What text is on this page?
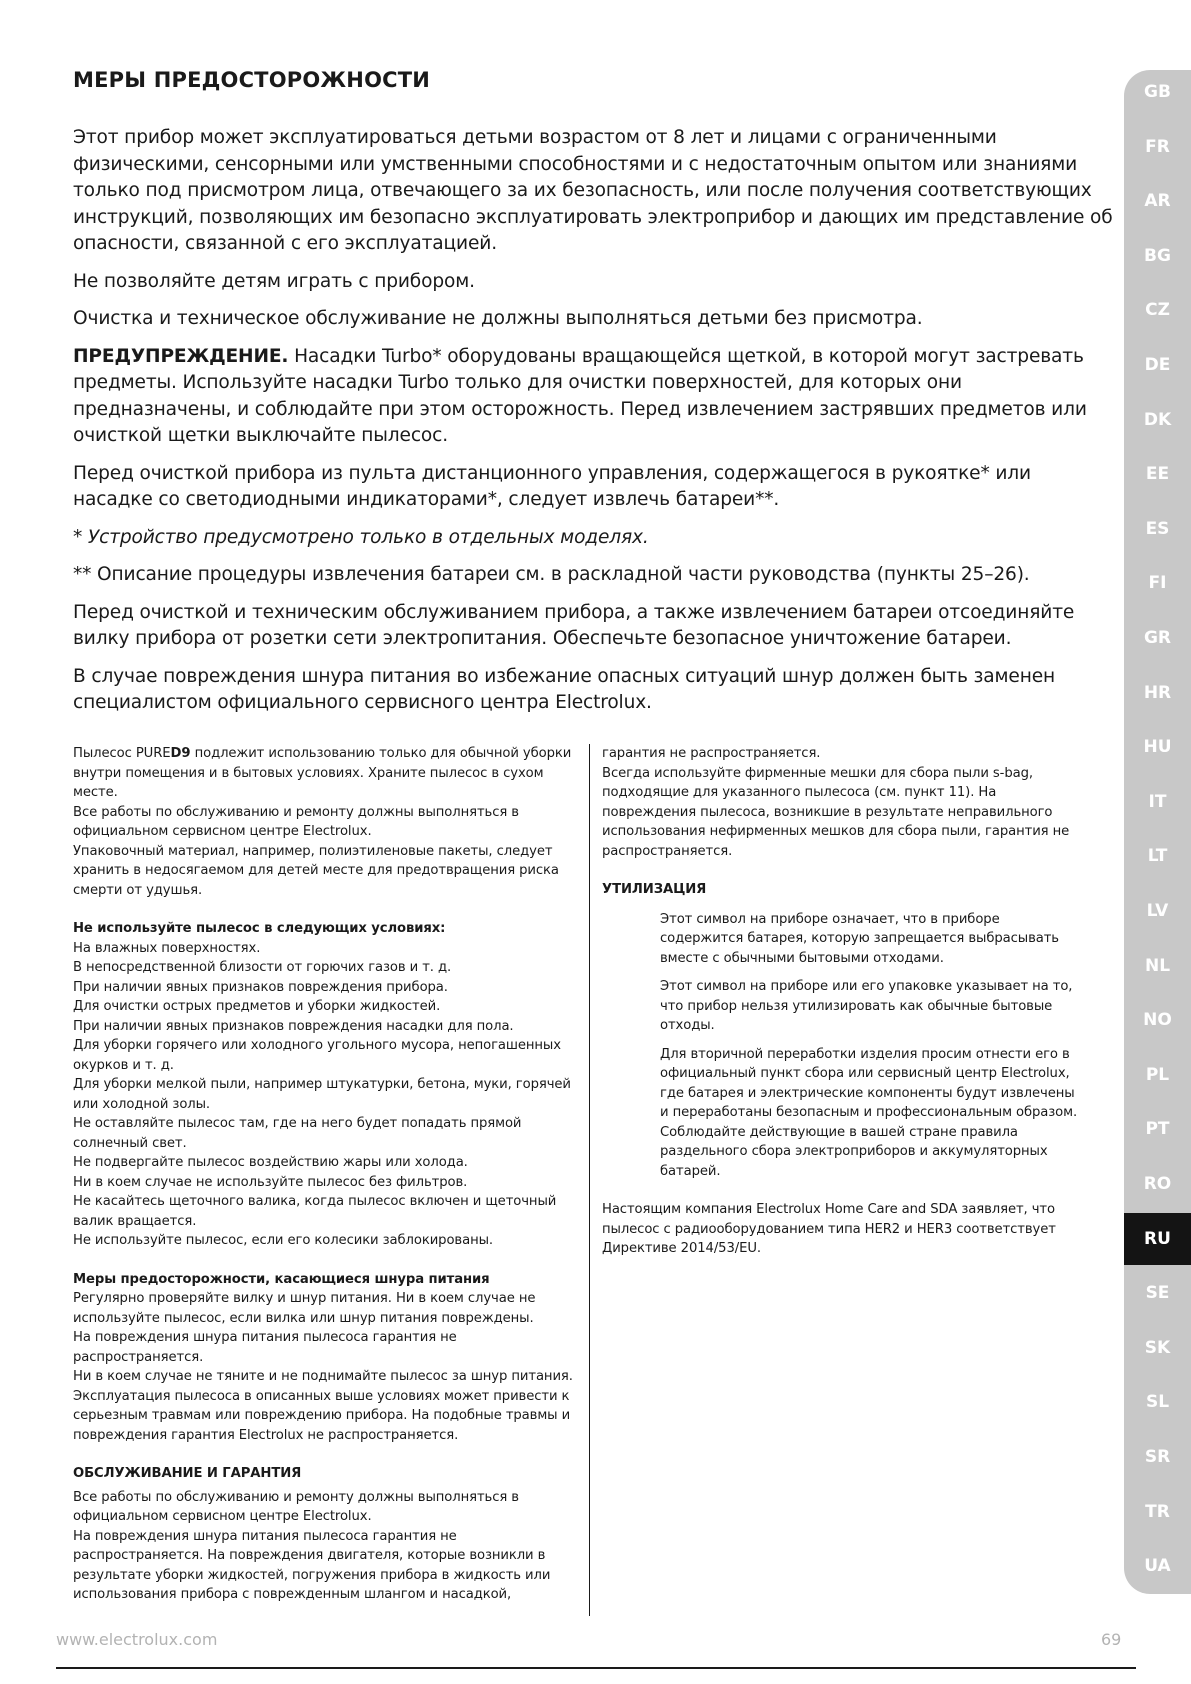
МЕРЫ ПРЕДОСТОРОЖНОСТИ

Этот прибор может эксплуатироваться детьми возрастом от 8 лет и лицами с ограниченными физическими, сенсорными или умственными способностями и с недостаточным опытом или знаниями только под присмотром лица, отвечающего за их безопасность, или после получения соответствующих инструкций, позволяющих им безопасно эксплуатировать электроприбор и дающих им представление об опасности, связанной с его эксплуатацией.

Не позволяйте детям играть с прибором.

Очистка и техническое обслуживание не должны выполняться детьми без присмотра.

ПРЕДУПРЕЖДЕНИЕ. Насадки Turbo* оборудованы вращающейся щеткой, в которой могут застревать предметы. Используйте насадки Turbo только для очистки поверхностей, для которых они предназначены, и соблюдайте при этом осторожность. Перед извлечением застрявших предметов или очисткой щетки выключайте пылесос.

Перед очисткой прибора из пульта дистанционного управления, содержащегося в рукоятке* или насадке со светодиодными индикаторами*, следует извлечь батареи**.

* Устройство предусмотрено только в отдельных моделях.

** Описание процедуры извлечения батареи см. в раскладной части руководства (пункты 25–26).

Перед очисткой и техническим обслуживанием прибора, а также извлечением батареи отсоединяйте вилку прибора от розетки сети электропитания. Обеспечьте безопасное уничтожение батареи.

В случае повреждения шнура питания во избежание опасных ситуаций шнур должен быть заменен специалистом официального сервисного центра Electrolux.

Пылесос PURED9 подлежит использованию только для обычной уборки внутри помещения и в бытовых условиях. Храните пылесос в сухом месте.

Все работы по обслуживанию и ремонту должны выполняться в официальном сервисном центре Electrolux.

Упаковочный материал, например, полиэтиленовые пакеты, следует хранить в недосягаемом для детей месте для предотвращения риска смерти от удушья.

Не используйте пылесос в следующих условиях:

На влажных поверхностях.

В непосредственной близости от горючих газов и т. д.

При наличии явных признаков повреждения прибора.

Для очистки острых предметов и уборки жидкостей.

При наличии явных признаков повреждения насадки для пола.

Для уборки горячего или холодного угольного мусора, непогашенных окурков и т. д.

Для уборки мелкой пыли, например штукатурки, бетона, муки, горячей или холодной золы.

Не оставляйте пылесос там, где на него будет попадать прямой солнечный свет.

Не подвергайте пылесос воздействию жары или холода.

Ни в коем случае не используйте пылесос без фильтров.

Не касайтесь щеточного валика, когда пылесос включен и щеточный валик вращается.

Не используйте пылесос, если его колесики заблокированы.

Меры предосторожности, касающиеся шнура питания

Регулярно проверяйте вилку и шнур питания. Ни в коем случае не используйте пылесос, если вилка или шнур питания повреждены.

На повреждения шнура питания пылесоса гарантия не распространяется.

Ни в коем случае не тяните и не поднимайте пылесос за шнур питания.

Эксплуатация пылесоса в описанных выше условиях может привести к серьезным травмам или повреждению прибора. На подобные травмы и повреждения гарантия Electrolux не распространяется.

ОБСЛУЖИВАНИЕ И ГАРАНТИЯ

Все работы по обслуживанию и ремонту должны выполняться в официальном сервисном центре Electrolux.

На повреждения шнура питания пылесоса гарантия не распространяется. На повреждения двигателя, которые возникли в результате уборки жидкостей, погружения прибора в жидкость или использования прибора с поврежденным шлангом и насадкой,

гарантия не распространяется.

Всегда используйте фирменные мешки для сбора пыли s-bag, подходящие для указанного пылесоса (см. пункт 11). На повреждения пылесоса, возникшие в результате неправильного использования нефирменных мешков для сбора пыли, гарантия не распространяется.

УТИЛИЗАЦИЯ

Этот символ на приборе означает, что в приборе содержится батарея, которую запрещается выбрасывать вместе с обычными бытовыми отходами.

Этот символ на приборе или его упаковке указывает на то, что прибор нельзя утилизировать как обычные бытовые отходы.

Для вторичной переработки изделия просим отнести его в официальный пункт сбора или сервисный центр Electrolux, где батарея и электрические компоненты будут извлечены и переработаны безопасным и профессиональным образом. Соблюдайте действующие в вашей стране правила раздельного сбора электроприборов и аккумуляторных батарей.

Настоящим компания Electrolux Home Care and SDA заявляет, что пылесос с радиооборудованием типа HER2 и HER3 соответствует Директиве 2014/53/EU.

GB
FR
AR
BG
CZ
DE
DK
EE
ES
FI
GR
HR
HU
IT
LT
LV
NL
NO
PL
PT
RO
RU
SE
SK
SL
SR
TR
UA
www.electrolux.com	69
